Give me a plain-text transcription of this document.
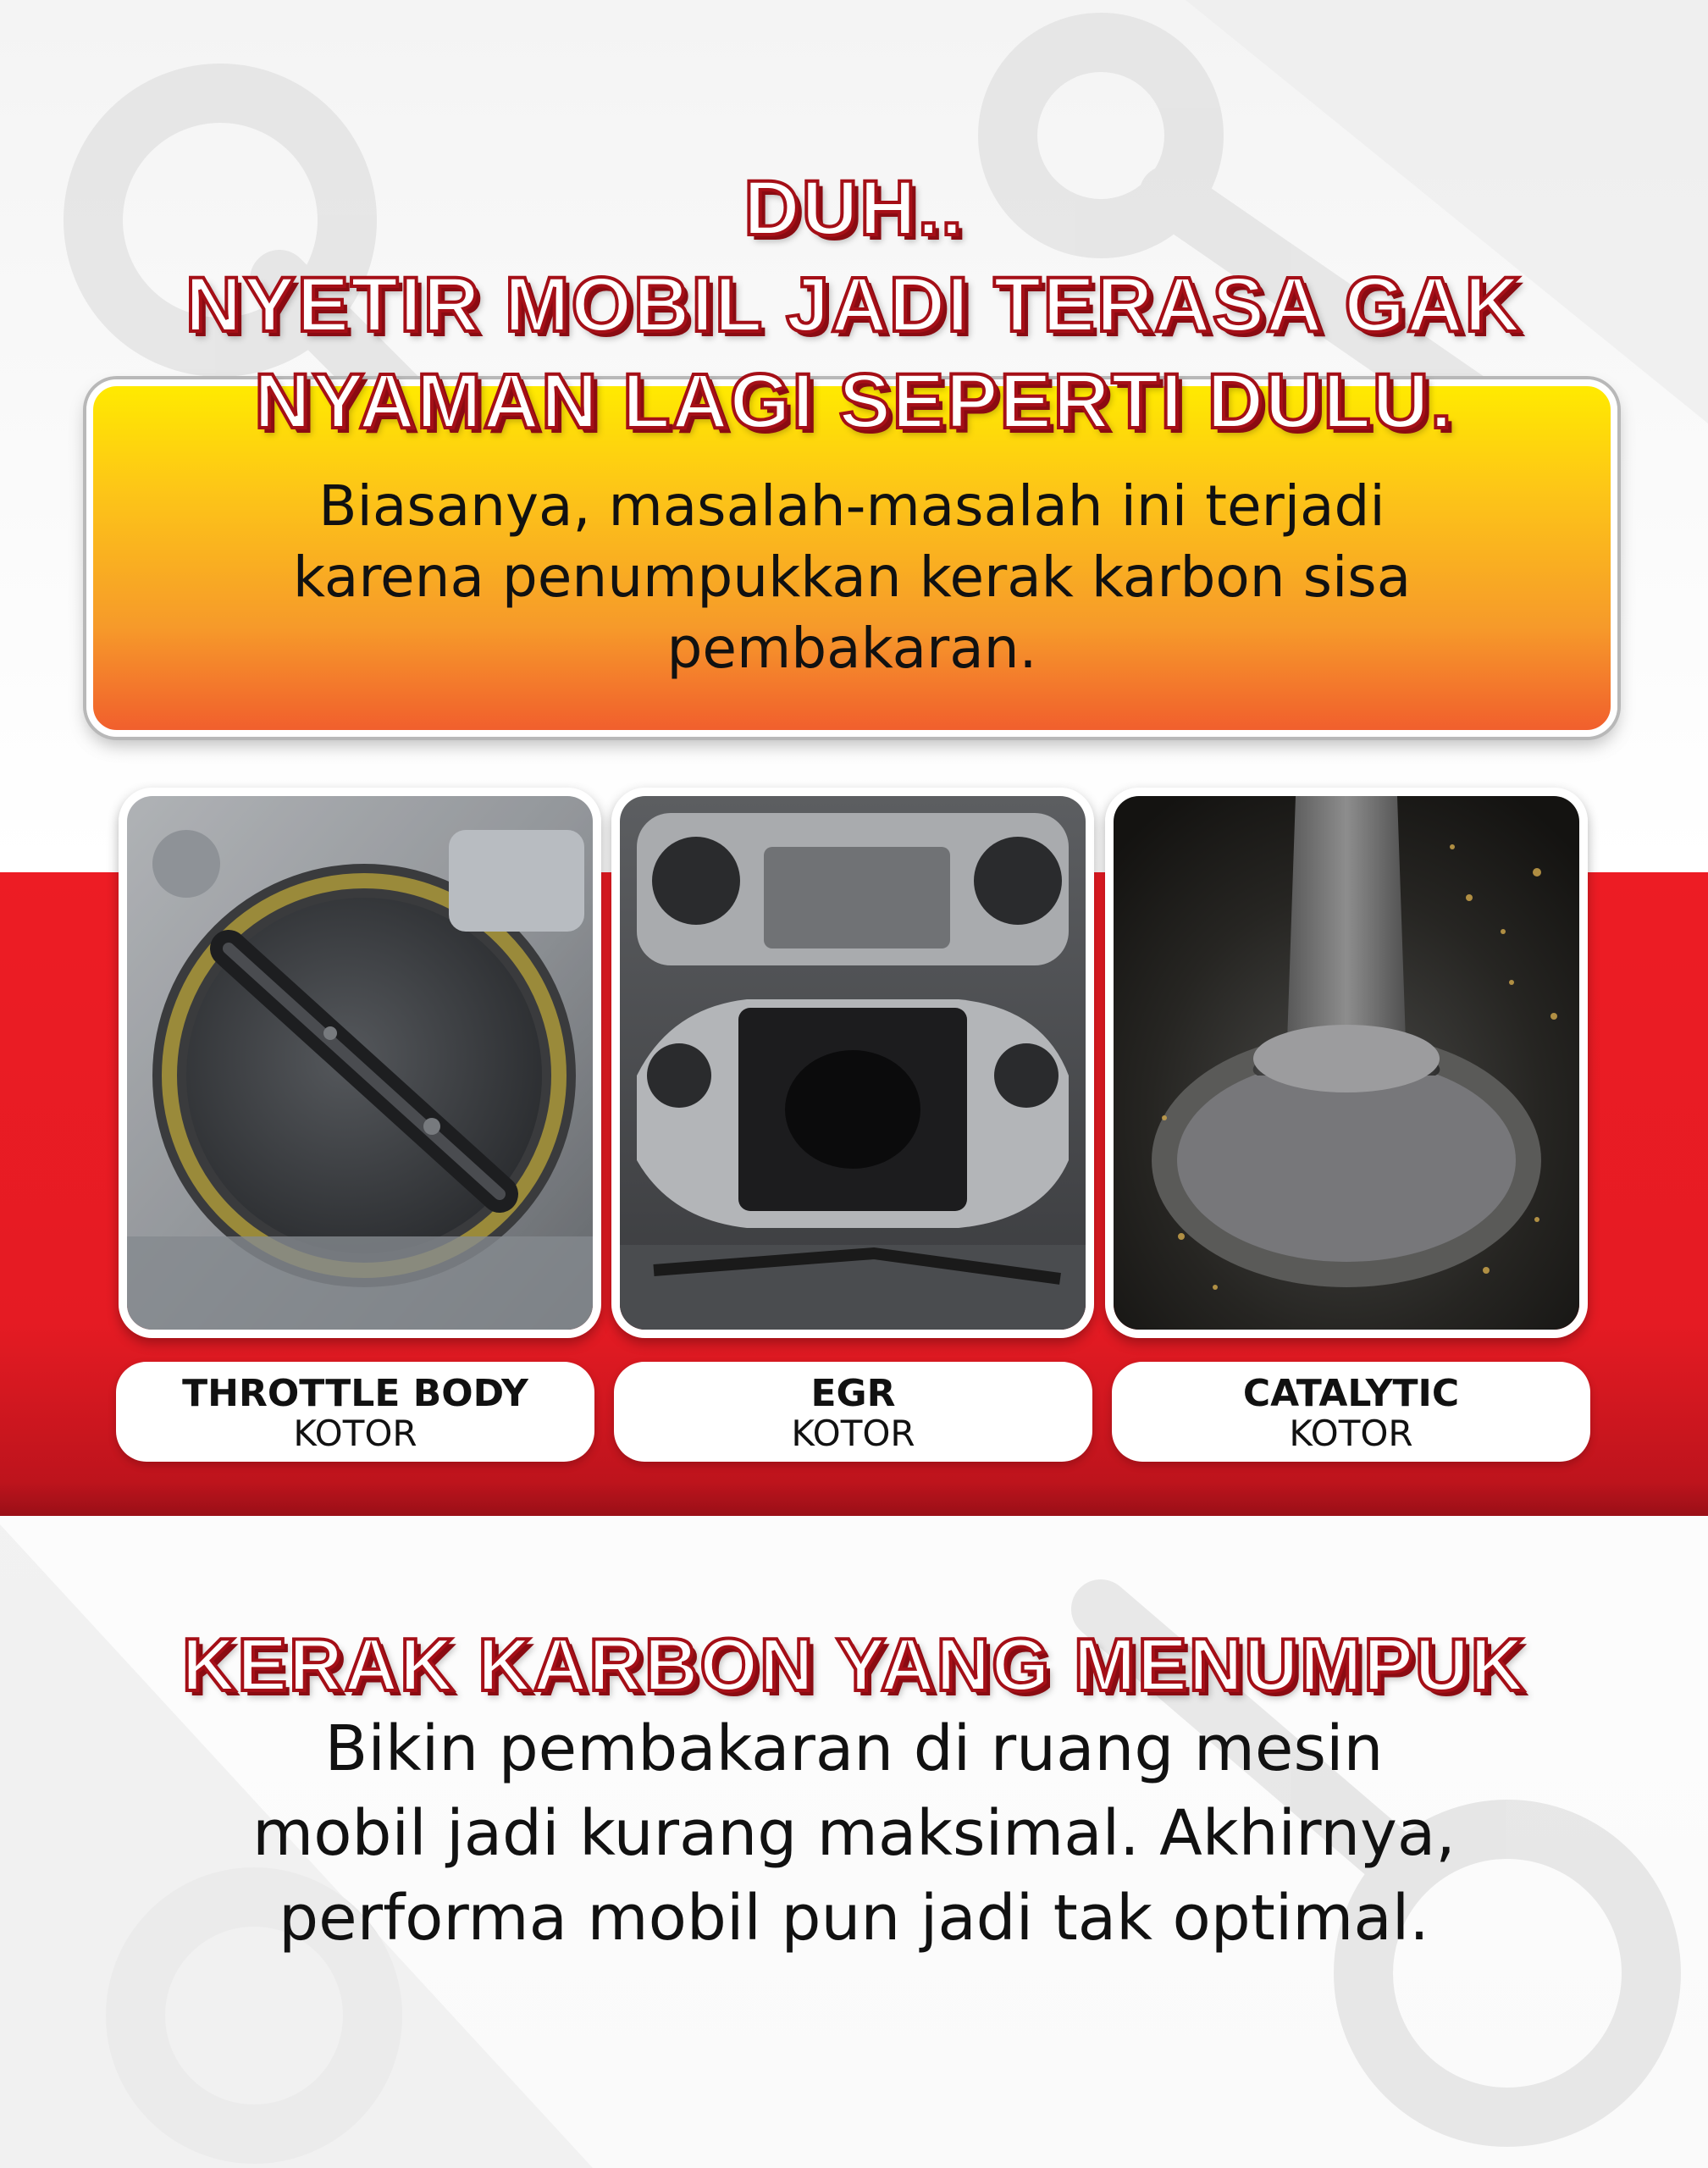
DUH..
NYETIR MOBIL JADI TERASA GAK
NYAMAN LAGI SEPERTI DULU.
Biasanya, masalah-masalah ini terjadi
karena penumpukkan kerak karbon sisa
pembakaran.
THROTTLE BODY
KOTOR
EGR
KOTOR
CATALYTIC
KOTOR
KERAK KARBON YANG MENUMPUK
Bikin pembakaran di ruang mesin
mobil jadi kurang maksimal. Akhirnya,
performa mobil pun jadi tak optimal.
